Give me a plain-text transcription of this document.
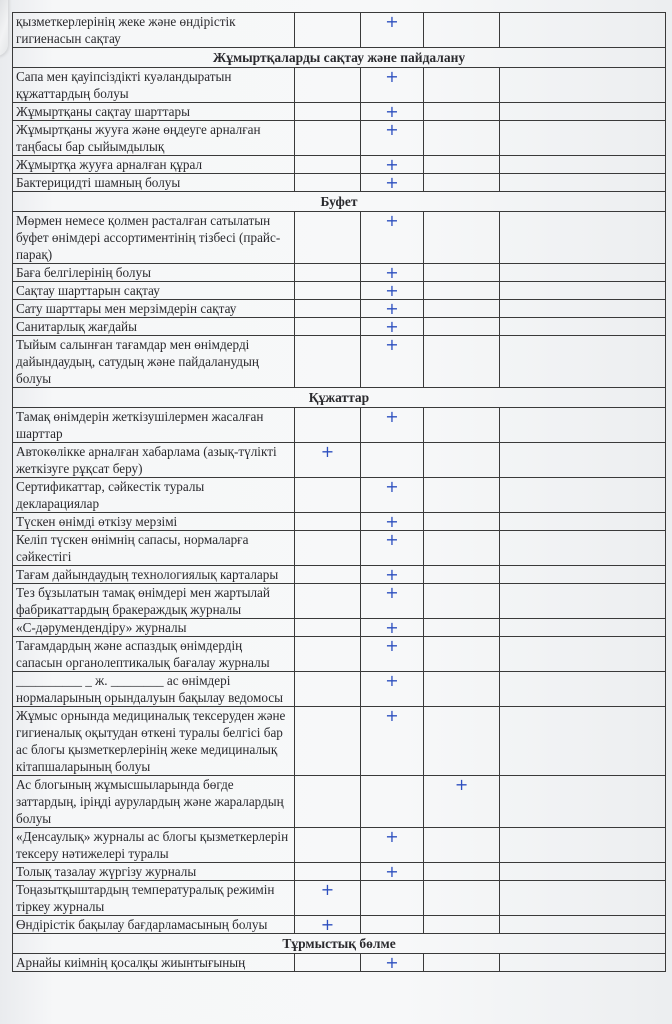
қызметкерлерінің жеке және өндірістік гигиенасын сақтау		+		
Жұмыртқаларды сақтау және пайдалану				
Сапа мен қауіпсіздікті куәландыратын құжаттардың болуы		+		
Жұмыртқаны сақтау шарттары		+		
Жұмыртқаны жууға және өңдеуге арналған таңбасы бар сыйымдылық		+		
Жұмыртқа жууға арналған құрал		+		
Бактерицидті шамның болуы		+		
Буфет				
Мөрмен немесе қолмен расталған сатылатын буфет өнімдері ассортиментінің тізбесі (прайс-парақ)		+		
Баға белгілерінің болуы		+		
Сақтау шарттарын сақтау		+		
Сату шарттары мен мерзімдерін сақтау		+		
Санитарлық жағдайы		+		
Тыйым салынған тағамдар мен өнімдерді дайындаудың, сатудың және пайдаланудың болуы		+		
Құжаттар				
Тамақ өнімдерін жеткізушілермен жасалған шарттар		+		
Автокөлікке арналған хабарлама (азық-түлікті жеткізуге рұқсат беру)	+			
Сертификаттар, сәйкестік туралы декларациялар		+		
Түскен өнімді өткізу мерзімі		+		
Келіп түскен өнімнің сапасы, нормаларға сәйкестігі		+		
Тағам дайындаудың технологиялық карталары		+		
Тез бұзылатын тамақ өнімдері мен жартылай фабрикаттардың бракераждық журналы		+		
«С-дәрумендендіру» журналы		+		
Тағамдардың және аспаздық өнімдердің сапасын органолептикалық бағалау журналы		+		
__________ _ ж. ________ ас өнімдері нормаларының орындалуын бақылау ведомосы		+		
Жұмыс орнында медициналық тексеруден және гигиеналық оқытудан өткені туралы белгісі бар ас блогы қызметкерлерінің жеке медициналық кітапшаларының болуы		+		
Ас блогының жұмысшыларында бөгде заттардың, іріңді аурулардың және жаралардың болуы			+	
«Денсаулық» журналы ас блогы қызметкерлерін тексеру нәтижелері туралы		+		
Толық тазалау жүргізу журналы		+		
Тоңазытқыштардың температуралық режимін тіркеу журналы	+			
Өндірістік бақылау бағдарламасының болуы	+			
Тұрмыстық бөлме				
Арнайы киімнің қосалқы жиынтығының		+		
